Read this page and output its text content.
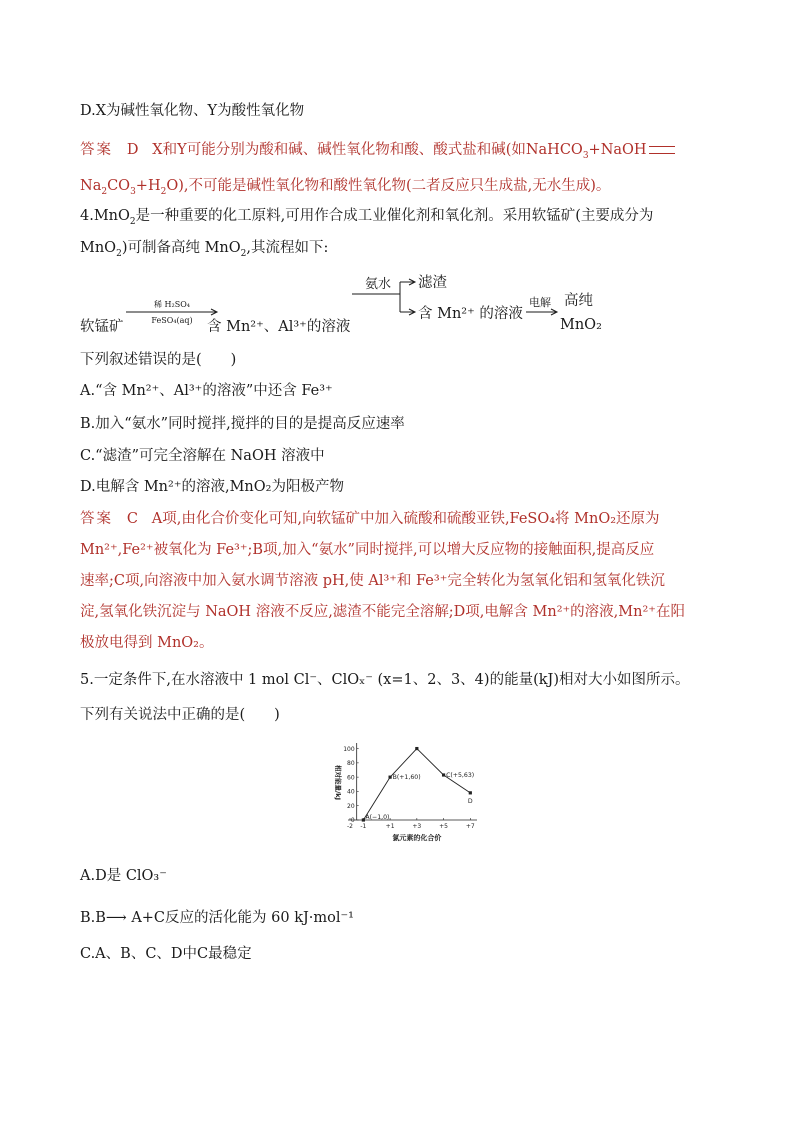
D.X为碱性氧化物、Y为酸性氧化物
答案 D X和Y可能分别为酸和碱、碱性氧化物和酸、酸式盐和碱(如NaHCO$_3$+NaOH
$Na_2CO_3+H_2O$),不可能是碱性氧化物和酸性氧化物(二者反应只生成盐,无水生成)。
4.MnO$_2$是一种重要的化工原料,可用作合成工业催化剂和氧化剂。采用软锰矿(主要成分为
MnO$_2$)可制备高纯 MnO$_2$,其流程如下:
软锰矿
稀 H₂SO₄
FeSO₄(aq) 含 Mn²⁺、Al³⁺的溶液
氨水 滤渣
含 Mn²⁺ 的溶液
电解 高纯
MnO₂
下列叙述错误的是(　　)
A.“含 Mn²⁺、Al³⁺的溶液”中还含 Fe³⁺
B.加入“氨水”同时搅拌,搅拌的目的是提高反应速率
C.“滤渣”可完全溶解在 NaOH 溶液中
D.电解含 Mn²⁺的溶液,MnO₂为阳极产物
答案 C A项,由化合价变化可知,向软锰矿中加入硫酸和硫酸亚铁,FeSO₄将 MnO₂还原为
Mn²⁺,Fe²⁺被氧化为 Fe³⁺;B项,加入“氨水”同时搅拌,可以增大反应物的接触面积,提高反应
速率;C项,向溶液中加入氨水调节溶液 pH,使 Al³⁺和 Fe³⁺完全转化为氢氧化铝和氢氧化铁沉
淀,氢氧化铁沉淀与 NaOH 溶液不反应,滤渣不能完全溶解;D项,电解含 Mn²⁺的溶液,Mn²⁺在阳
极放电得到 MnO₂。
5.一定条件下,在水溶液中 1 mol Cl⁻、ClOₓ⁻ (x=1、2、3、4)的能量(kJ)相对大小如图所示。
下列有关说法中正确的是(　　)
0
20
40
60
80
100
-2 -1	+1	+3	+5	+7
A(−1,0)
B(+1,60)	C(+5,63)
D
氯元素的化合价
相对能量/kJ
A.D是 ClO₃⁻
B.B⟶ A+C反应的活化能为 60 kJ·mol⁻¹
C.A、B、C、D中C最稳定
